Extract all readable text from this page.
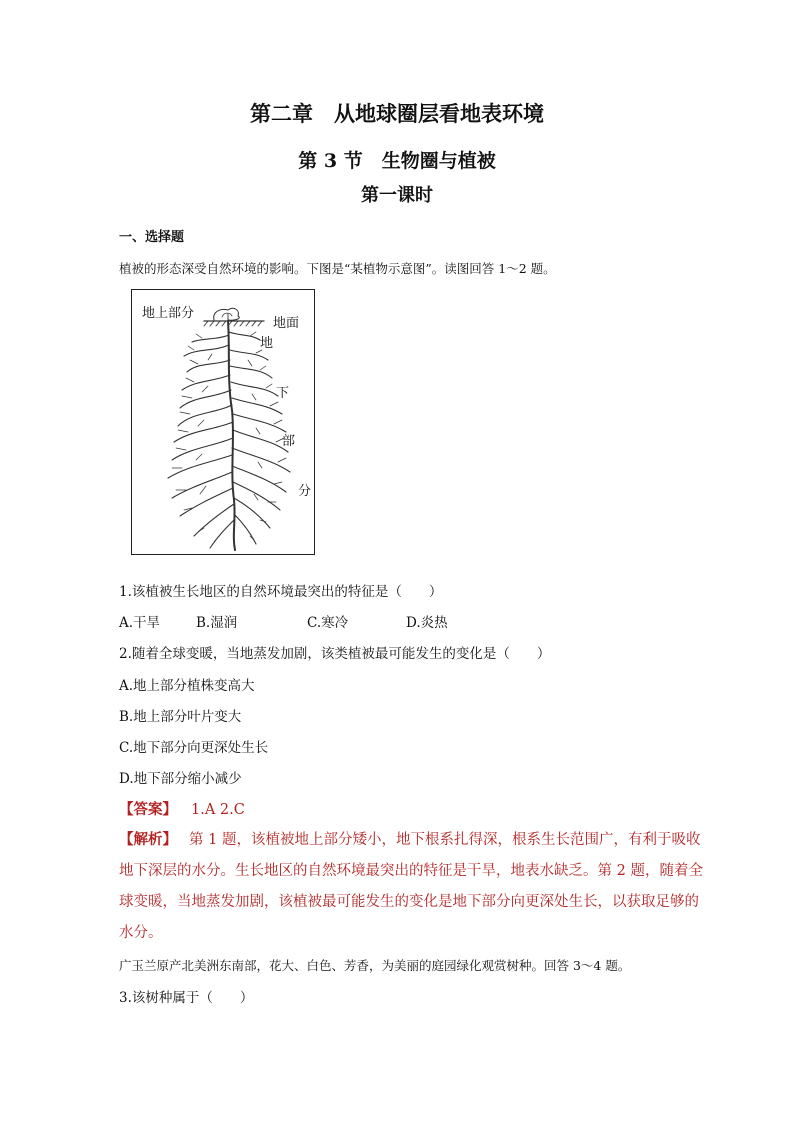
第二章　从地球圈层看地表环境
第 3 节　生物圈与植被
第一课时
一、选择题
植被的形态深受自然环境的影响。下图是“某植物示意图”。读图回答 1～2 题。
地上部分
地面
地
下
部
分
1.该植被生长地区的自然环境最突出的特征是（　　）
A.干旱	B.湿润	C.寒冷	D.炎热
2.随着全球变暖，当地蒸发加剧，该类植被最可能发生的变化是（　　）
A.地上部分植株变高大
B.地上部分叶片变大
C.地下部分向更深处生长
D.地下部分缩小减少
【答案】 1.A 2.C
【解析】 第 1 题，该植被地上部分矮小，地下根系扎得深，根系生长范围广，有利于吸收
地下深层的水分。生长地区的自然环境最突出的特征是干旱，地表水缺乏。第 2 题，随着全
球变暖，当地蒸发加剧，该植被最可能发生的变化是地下部分向更深处生长，以获取足够的
水分。
广玉兰原产北美洲东南部，花大、白色、芳香，为美丽的庭园绿化观赏树种。回答 3～4 题。
3.该树种属于（　　）
